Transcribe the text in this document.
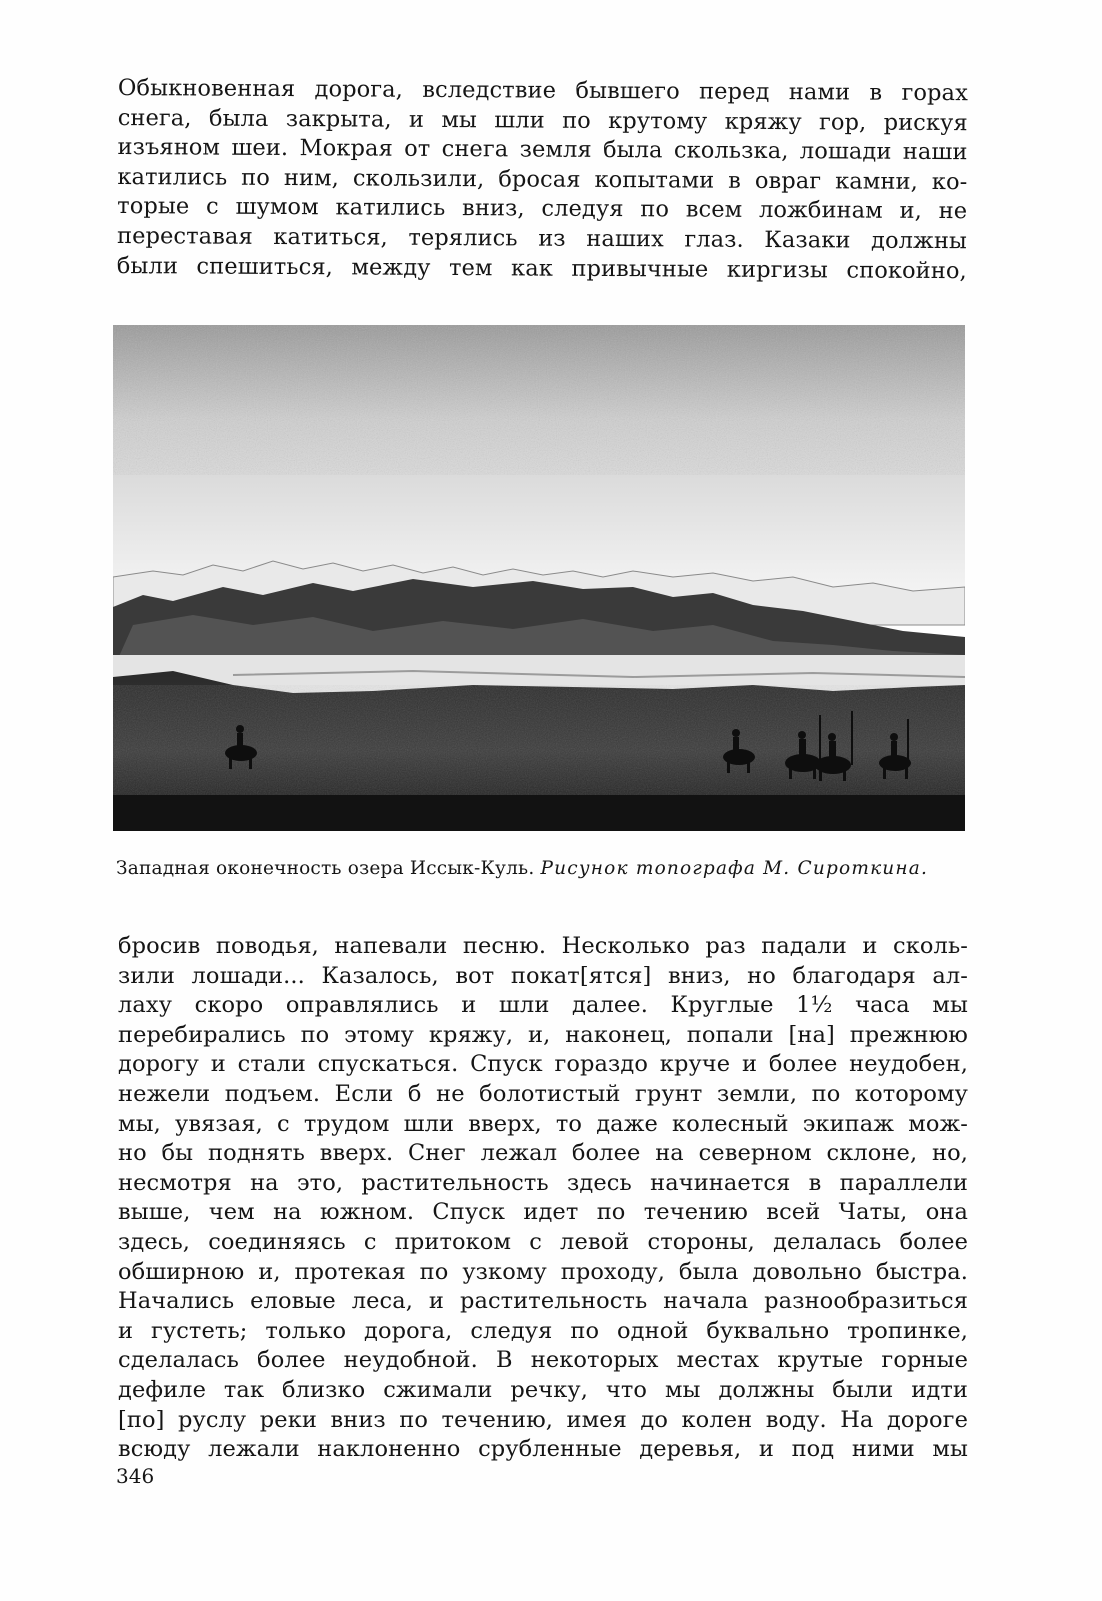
Обыкновенная дорога, вследствие бывшего перед нами в горах
снега, была закрыта, и мы шли по крутому кряжу гор, рискуя
изъяном шеи. Мокрая от снега земля была скользка, лошади наши
катились по ним, скользили, бросая копытами в овраг камни, ко-
торые с шумом катились вниз, следуя по всем ложбинам и, не
переставая катиться, терялись из наших глаз. Казаки должны
были спешиться, между тем как привычные киргизы спокойно,
Западная оконечность озера Иссык-Куль. Рисунок топографа М. Сироткина.
бросив поводья, напевали песню. Несколько раз падали и сколь-
зили лошади... Казалось, вот покат[ятся] вниз, но благодаря ал-
лаху скоро оправлялись и шли далее. Круглые 1½ часа мы
перебирались по этому кряжу, и, наконец, попали [на] прежнюю
дорогу и стали спускаться. Спуск гораздо круче и более неудобен,
нежели подъем. Если б не болотистый грунт земли, по которому
мы, увязая, с трудом шли вверх, то даже колесный экипаж мож-
но бы поднять вверх. Снег лежал более на северном склоне, но,
несмотря на это, растительность здесь начинается в параллели
выше, чем на южном. Спуск идет по течению всей Чаты, она
здесь, соединяясь с притоком с левой стороны, делалась более
обширною и, протекая по узкому проходу, была довольно быстра.
Начались еловые леса, и растительность начала разнообразиться
и густеть; только дорога, следуя по одной буквально тропинке,
сделалась более неудобной. В некоторых местах крутые горные
дефиле так близко сжимали речку, что мы должны были идти
[по] руслу реки вниз по течению, имея до колен воду. На дороге
всюду лежали наклоненно срубленные деревья, и под ними мы
346
